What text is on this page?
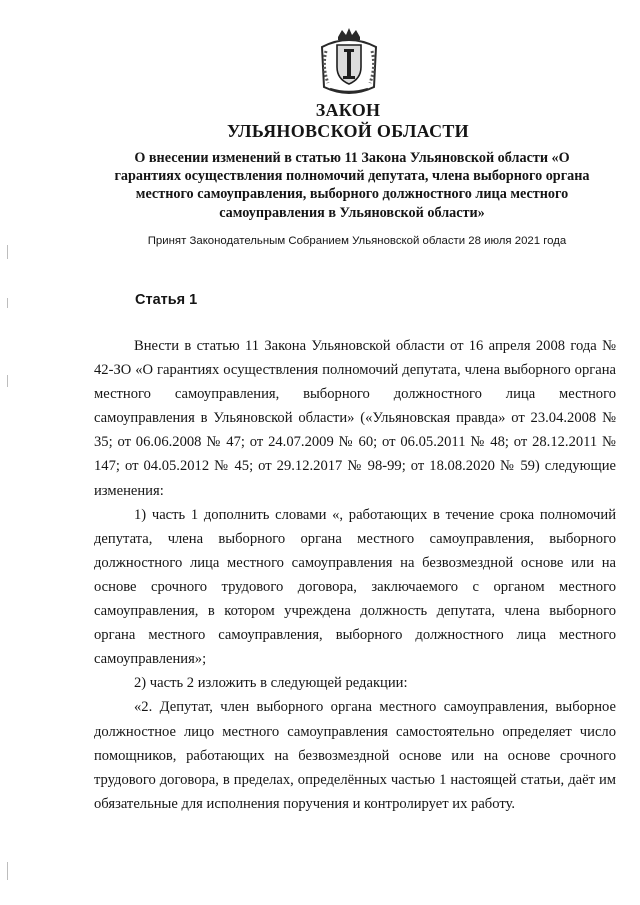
ЗАКОН
УЛЬЯНОВСКОЙ ОБЛАСТИ
О внесении изменений в статью 11 Закона Ульяновской области «О гарантиях осуществления полномочий депутата, члена выборного органа местного самоуправления, выборного должностного лица местного самоуправления в Ульяновской области»
Принят Законодательным Собранием Ульяновской области 28 июля 2021 года
Статья 1

Внести в статью 11 Закона Ульяновской области от 16 апреля 2008 года № 42-ЗО «О гарантиях осуществления полномочий депутата, члена выборного органа местного самоуправления, выборного должностного лица местного самоуправления в Ульяновской области» («Ульяновская правда» от 23.04.2008 № 35; от 06.06.2008 № 47; от 24.07.2009 № 60; от 06.05.2011 № 48; от 28.12.2011 № 147; от 04.05.2012 № 45; от 29.12.2017 № 98-99; от 18.08.2020 № 59) следующие изменения:

1) часть 1 дополнить словами «, работающих в течение срока полномочий депутата, члена выборного органа местного самоуправления, выборного должностного лица местного самоуправления на безвозмездной основе или на основе срочного трудового договора, заключаемого с органом местного самоуправления, в котором учреждена должность депутата, члена выборного органа местного самоуправления, выборного должностного лица местного самоуправления»;

2) часть 2 изложить в следующей редакции:

«2. Депутат, член выборного органа местного самоуправления, выборное должностное лицо местного самоуправления самостоятельно определяет число помощников, работающих на безвозмездной основе или на основе срочного трудового договора, в пределах, определённых частью 1 настоящей статьи, даёт им обязательные для исполнения поручения и контролирует их работу.
